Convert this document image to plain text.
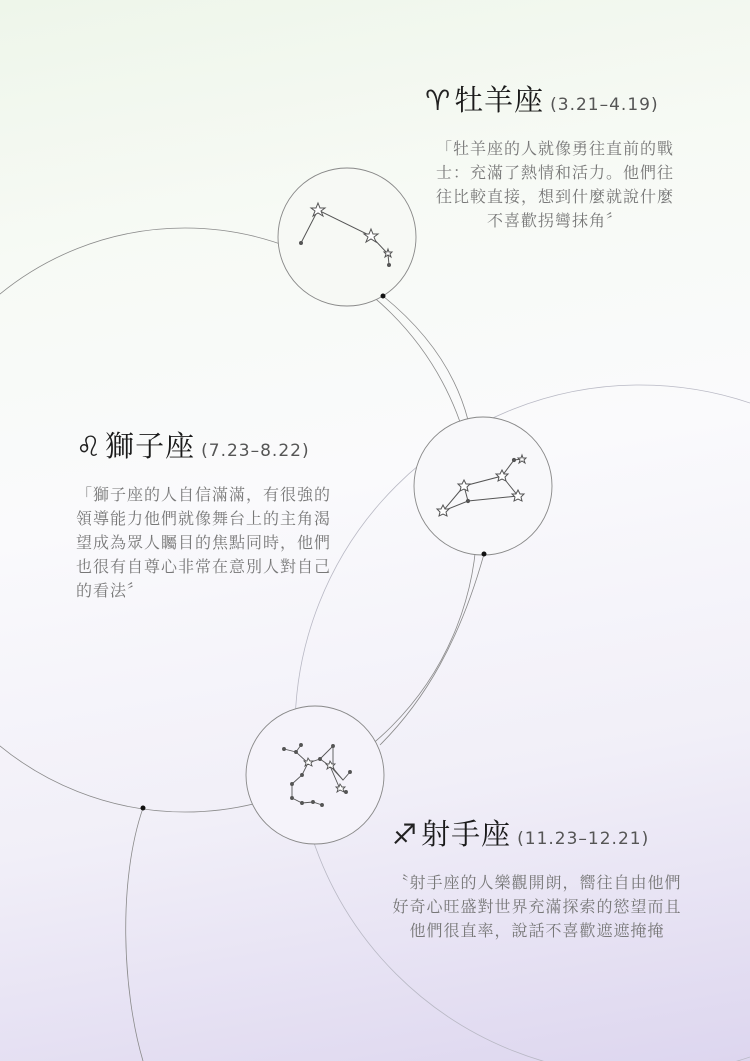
♈ 牡羊座 (3.21–4.19)
「牡羊座的人就像勇往直前的戰士：充滿了熱情和活力。他們往往比較直接，想到什麼就說什麼不喜歡拐彎抹角〞
♌ 獅子座 (7.23–8.22)
「獅子座的人自信滿滿，有很強的領導能力他們就像舞台上的主角渴望成為眾人矚目的焦點同時，他們也很有自尊心非常在意別人對自己的看法〞
♐ 射手座 (11.23–12.21)
〝射手座的人樂觀開朗，嚮往自由他們好奇心旺盛對世界充滿探索的慾望而且他們很直率，說話不喜歡遮遮掩掩
